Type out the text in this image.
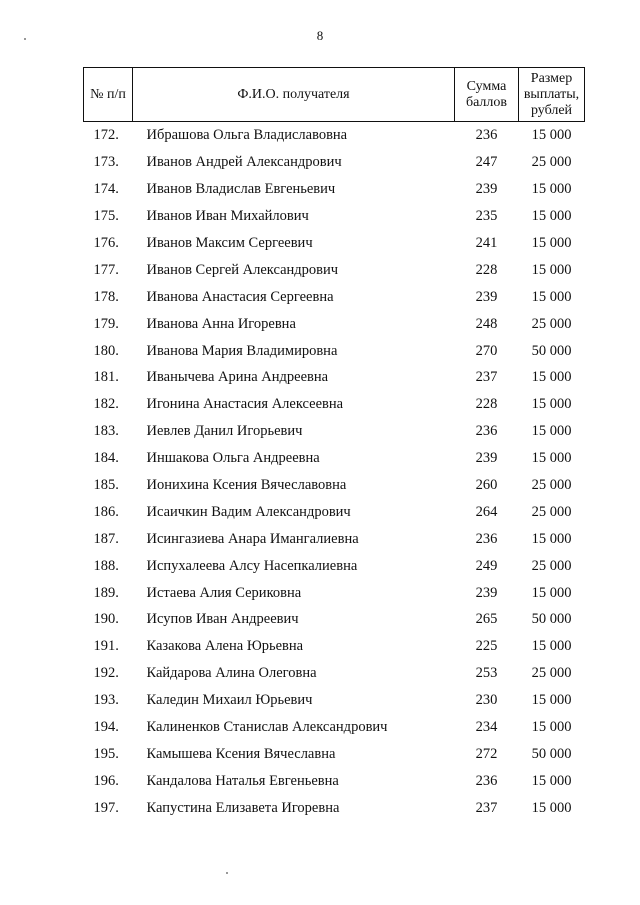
8
№ п/п	Ф.И.О. получателя	Сумма баллов	Размер выплаты, рублей
172.	Ибрашова Ольга Владиславовна	236	15 000
173.	Иванов Андрей Александрович	247	25 000
174.	Иванов Владислав Евгеньевич	239	15 000
175.	Иванов Иван Михайлович	235	15 000
176.	Иванов Максим Сергеевич	241	15 000
177.	Иванов Сергей Александрович	228	15 000
178.	Иванова Анастасия Сергеевна	239	15 000
179.	Иванова Анна Игоревна	248	25 000
180.	Иванова Мария Владимировна	270	50 000
181.	Иванычева Арина Андреевна	237	15 000
182.	Игонина Анастасия Алексеевна	228	15 000
183.	Иевлев Данил Игорьевич	236	15 000
184.	Иншакова Ольга Андреевна	239	15 000
185.	Ионихина Ксения Вячеславовна	260	25 000
186.	Исаичкин Вадим Александрович	264	25 000
187.	Исингазиева Анара Имангалиевна	236	15 000
188.	Испухалеева Алсу Насепкалиевна	249	25 000
189.	Истаева Алия Сериковна	239	15 000
190.	Исупов Иван Андреевич	265	50 000
191.	Казакова Алена Юрьевна	225	15 000
192.	Кайдарова Алина Олеговна	253	25 000
193.	Каледин Михаил Юрьевич	230	15 000
194.	Калиненков Станислав Александрович	234	15 000
195.	Камышева Ксения Вячеславна	272	50 000
196.	Кандалова Наталья Евгеньевна	236	15 000
197.	Капустина Елизавета Игоревна	237	15 000
